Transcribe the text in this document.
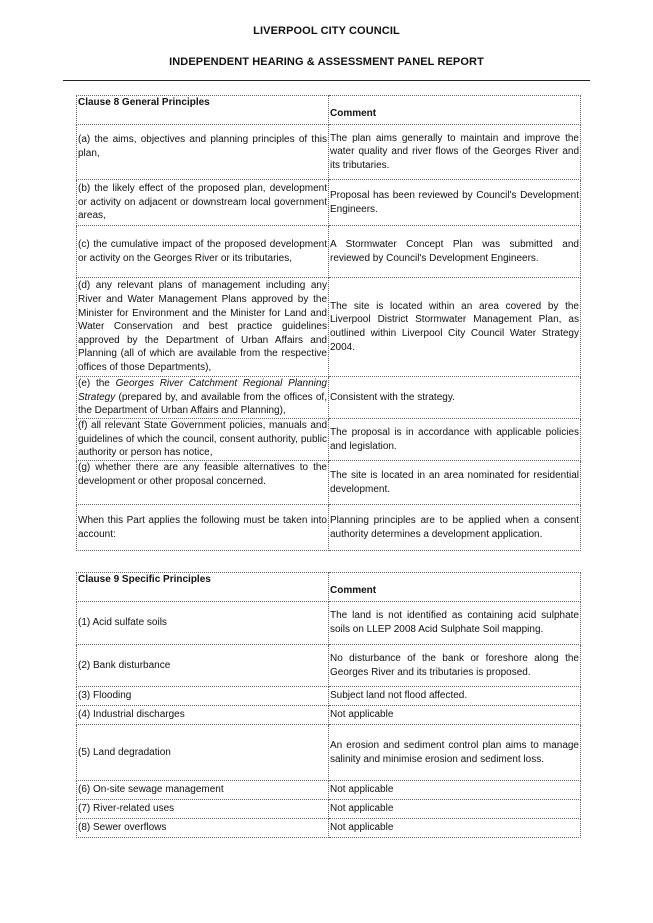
LIVERPOOL CITY COUNCIL
INDEPENDENT HEARING & ASSESSMENT PANEL REPORT
Clause 8 General Principles	Comment
(a) the aims, objectives and planning principles of this plan,	The plan aims generally to maintain and improve the water quality and river flows of the Georges River and its tributaries.
(b) the likely effect of the proposed plan, development or activity on adjacent or downstream local government areas,	Proposal has been reviewed by Council's Development Engineers.
(c) the cumulative impact of the proposed development or activity on the Georges River or its tributaries,	A Stormwater Concept Plan was submitted and reviewed by Council's Development Engineers.
(d) any relevant plans of management including any River and Water Management Plans approved by the Minister for Environment and the Minister for Land and Water Conservation and best practice guidelines approved by the Department of Urban Affairs and Planning (all of which are available from the respective offices of those Departments),	The site is located within an area covered by the Liverpool District Stormwater Management Plan, as outlined within Liverpool City Council Water Strategy 2004.
(e) the Georges River Catchment Regional Planning Strategy (prepared by, and available from the offices of, the Department of Urban Affairs and Planning),	Consistent with the strategy.
(f) all relevant State Government policies, manuals and guidelines of which the council, consent authority, public authority or person has notice,	The proposal is in accordance with applicable policies and legislation.
(g) whether there are any feasible alternatives to the development or other proposal concerned.	The site is located in an area nominated for residential development.
When this Part applies the following must be taken into account:	Planning principles are to be applied when a consent authority determines a development application.
Clause 9 Specific Principles	Comment
(1) Acid sulfate soils	The land is not identified as containing acid sulphate soils on LLEP 2008 Acid Sulphate Soil mapping.
(2) Bank disturbance	No disturbance of the bank or foreshore along the Georges River and its tributaries is proposed.
(3) Flooding	Subject land not flood affected.
(4) Industrial discharges	Not applicable
(5) Land degradation	An erosion and sediment control plan aims to manage salinity and minimise erosion and sediment loss.
(6) On-site sewage management	Not applicable
(7) River-related uses	Not applicable
(8) Sewer overflows	Not applicable
